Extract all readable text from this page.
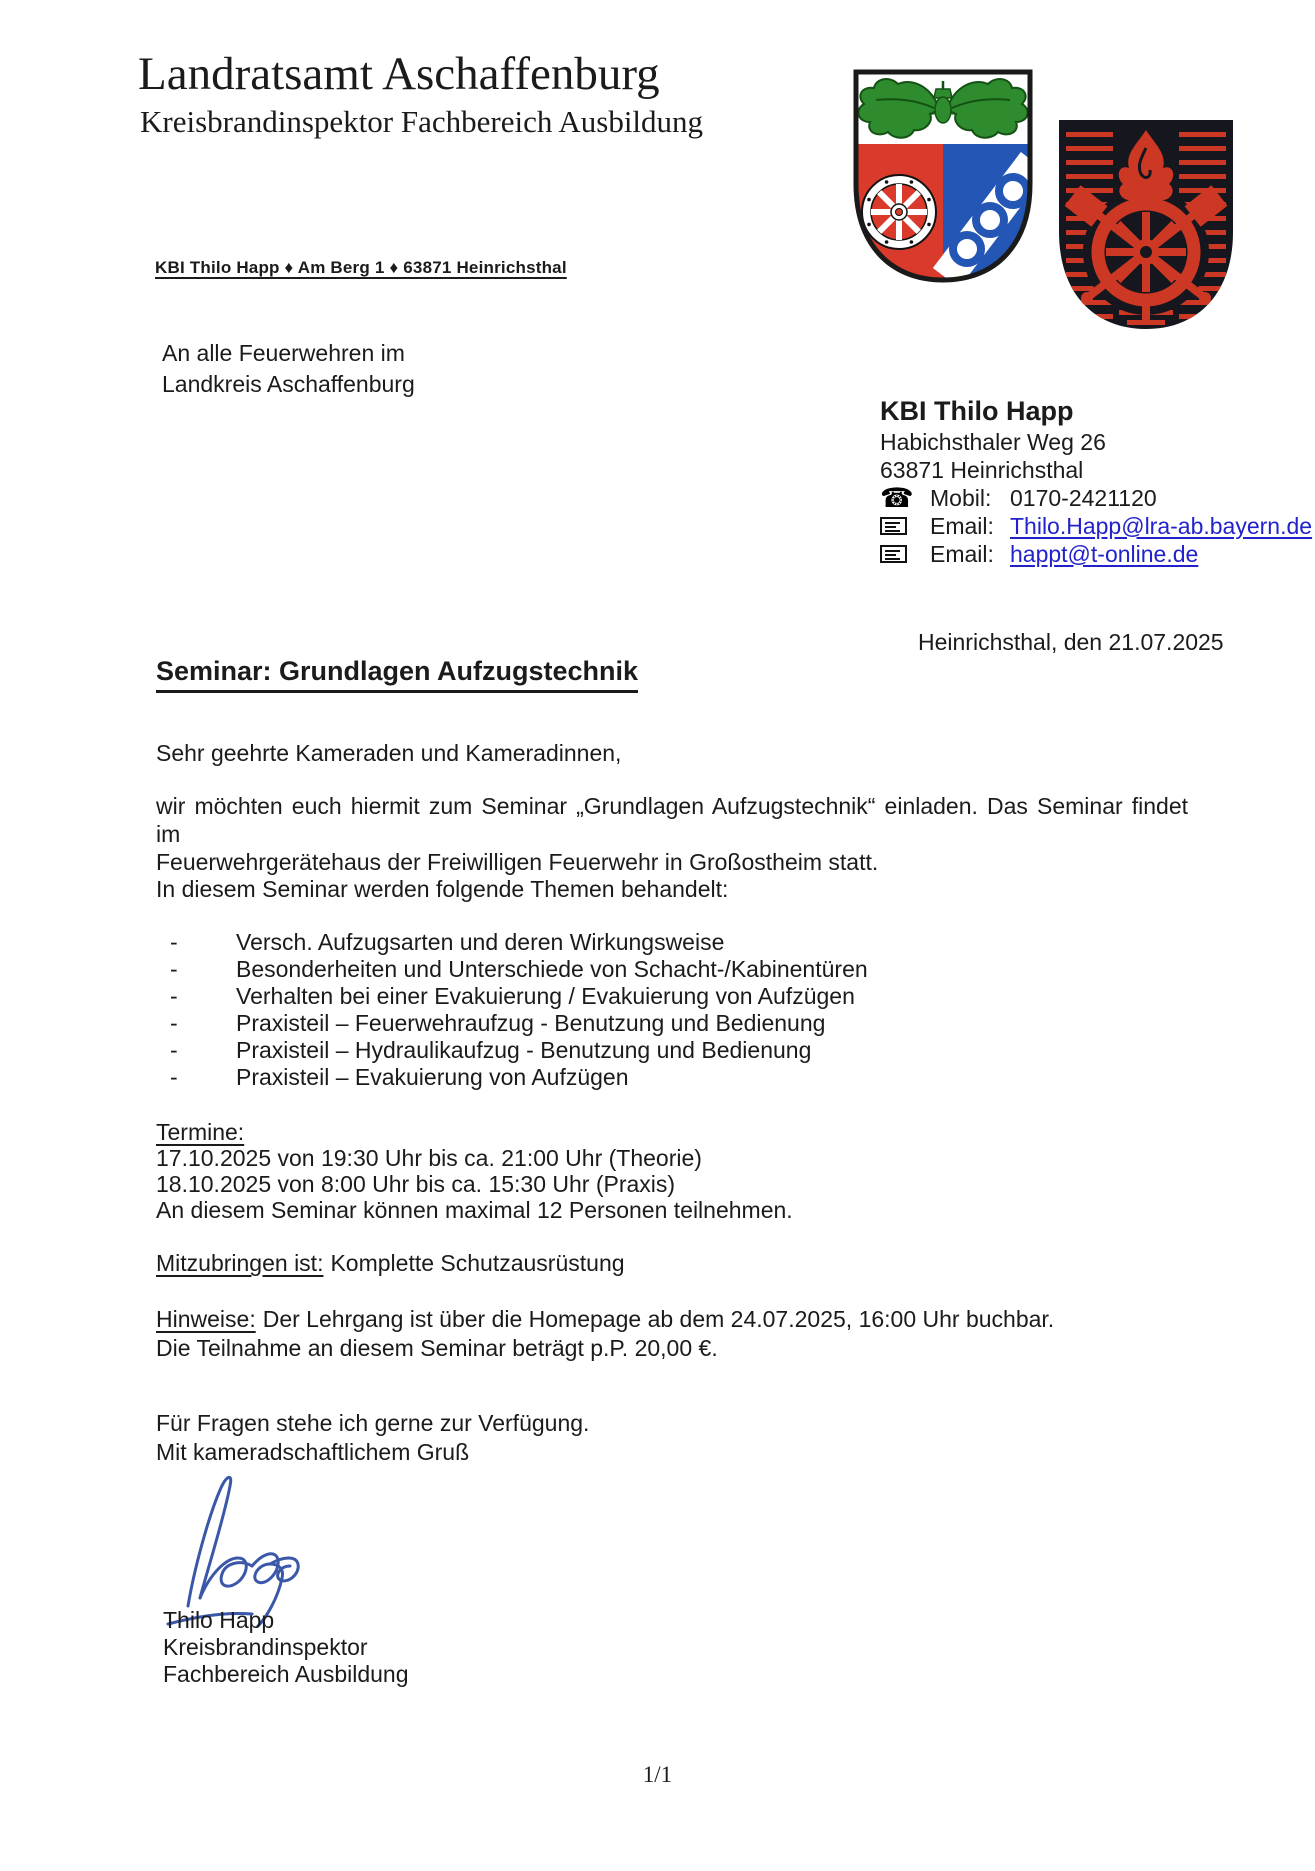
Landratsamt Aschaffenburg
Kreisbrandinspektor Fachbereich Ausbildung
KBI Thilo Happ ♦ Am Berg 1 ♦ 63871 Heinrichsthal
An alle Feuerwehren im
Landkreis Aschaffenburg
KBI Thilo Happ
Habichsthaler Weg 26
63871 Heinrichsthal
☎ Mobil: 0170-2421120
Email: Thilo.Happ@lra-ab.bayern.de
Email: happt@t-online.de
Heinrichsthal, den 21.07.2025
Seminar: Grundlagen Aufzugstechnik
Sehr geehrte Kameraden und Kameradinnen,
wir möchten euch hiermit zum Seminar „Grundlagen Aufzugstechnik“ einladen. Das Seminar findet im
Feuerwehrgerätehaus der Freiwilligen Feuerwehr in Großostheim statt.
In diesem Seminar werden folgende Themen behandelt:
- Versch. Aufzugsarten und deren Wirkungsweise
- Besonderheiten und Unterschiede von Schacht-/Kabinentüren
- Verhalten bei einer Evakuierung / Evakuierung von Aufzügen
- Praxisteil – Feuerwehraufzug - Benutzung und Bedienung
- Praxisteil – Hydraulikaufzug - Benutzung und Bedienung
- Praxisteil – Evakuierung von Aufzügen
Termine:
17.10.2025 von 19:30 Uhr bis ca. 21:00 Uhr (Theorie)
18.10.2025 von 8:00 Uhr bis ca. 15:30 Uhr (Praxis)
An diesem Seminar können maximal 12 Personen teilnehmen.
Mitzubringen ist: Komplette Schutzausrüstung
Hinweise: Der Lehrgang ist über die Homepage ab dem 24.07.2025, 16:00 Uhr buchbar.
Die Teilnahme an diesem Seminar beträgt p.P. 20,00 €.
Für Fragen stehe ich gerne zur Verfügung.
Mit kameradschaftlichem Gruß
Thilo Happ
Kreisbrandinspektor
Fachbereich Ausbildung
1/1
